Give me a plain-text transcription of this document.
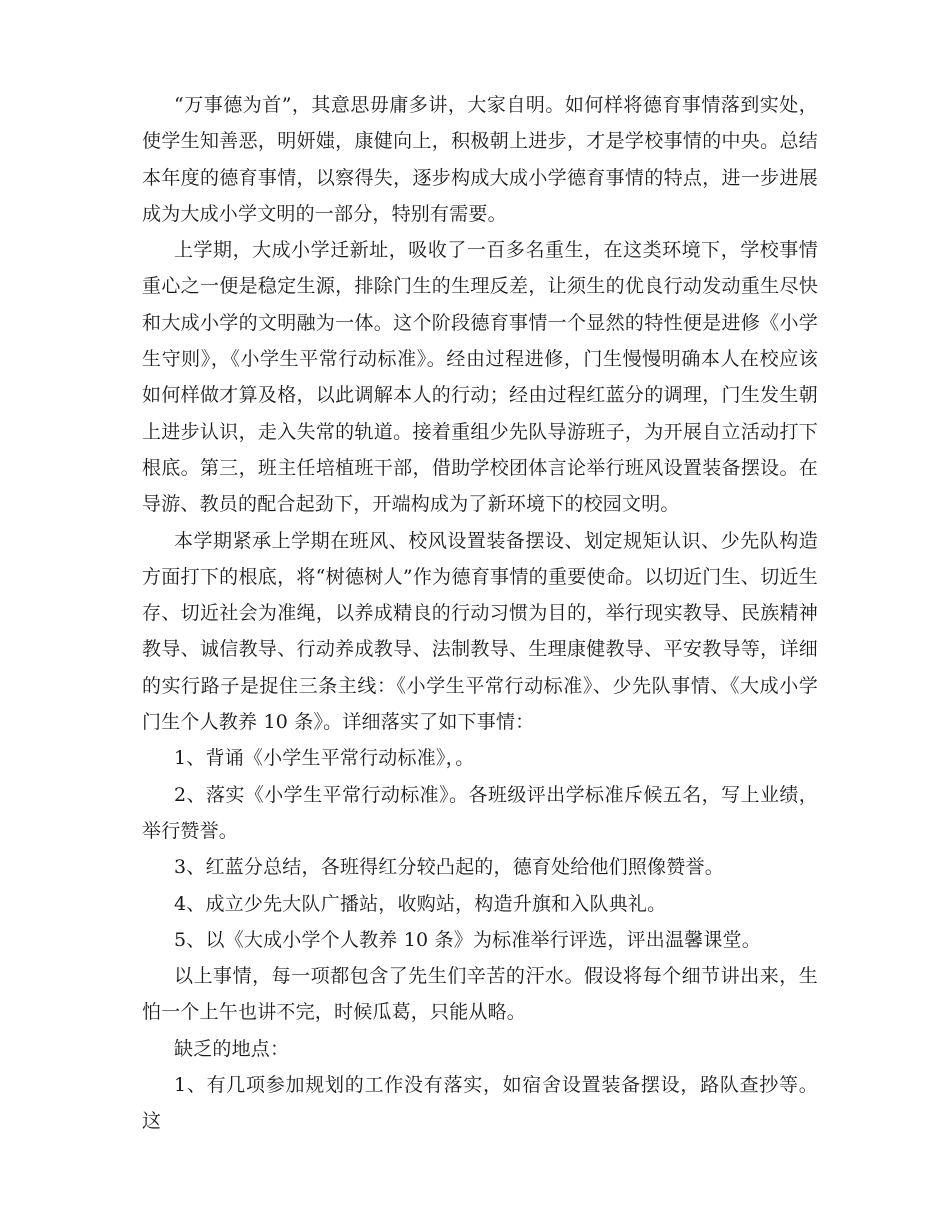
“万事德为首”，其意思毋庸多讲，大家自明。如何样将德育事情落到实处，使学生知善恶，明妍媸，康健向上，积极朝上进步，才是学校事情的中央。总结本年度的德育事情，以察得失，逐步构成大成小学德育事情的特点，进一步进展成为大成小学文明的一部分，特别有需要。

上学期，大成小学迁新址，吸收了一百多名重生，在这类环境下，学校事情重心之一便是稳定生源，排除门生的生理反差，让须生的优良行动发动重生尽快和大成小学的文明融为一体。这个阶段德育事情一个显然的特性便是进修《小学生守则》，《小学生平常行动标准》。经由过程进修，门生慢慢明确本人在校应该如何样做才算及格，以此调解本人的行动；经由过程红蓝分的调理，门生发生朝上进步认识，走入失常的轨道。接着重组少先队导游班子，为开展自立活动打下根底。第三，班主任培植班干部，借助学校团体言论举行班风设置装备摆设。在导游、教员的配合起劲下，开端构成为了新环境下的校园文明。

本学期紧承上学期在班风、校风设置装备摆设、划定规矩认识、少先队构造方面打下的根底，将“树德树人”作为德育事情的重要使命。以切近门生、切近生存、切近社会为准绳，以养成精良的行动习惯为目的，举行现实教导、民族精神教导、诚信教导、行动养成教导、法制教导、生理康健教导、平安教导等，详细的实行路子是捉住三条主线：《小学生平常行动标准》、少先队事情、《大成小学门生个人教养 10 条》。详细落实了如下事情：

1、背诵《小学生平常行动标准》，。

2、落实《小学生平常行动标准》。各班级评出学标准斥候五名，写上业绩，举行赞誉。

3、红蓝分总结，各班得红分较凸起的，德育处给他们照像赞誉。

4、成立少先大队广播站，收购站，构造升旗和入队典礼。

5、以《大成小学个人教养 10 条》为标准举行评选，评出温馨课堂。

以上事情，每一项都包含了先生们辛苦的汗水。假设将每个细节讲出来，生怕一个上午也讲不完，时候瓜葛，只能从略。

缺乏的地点：

1、有几项参加规划的工作没有落实，如宿舍设置装备摆设，路队查抄等。这
